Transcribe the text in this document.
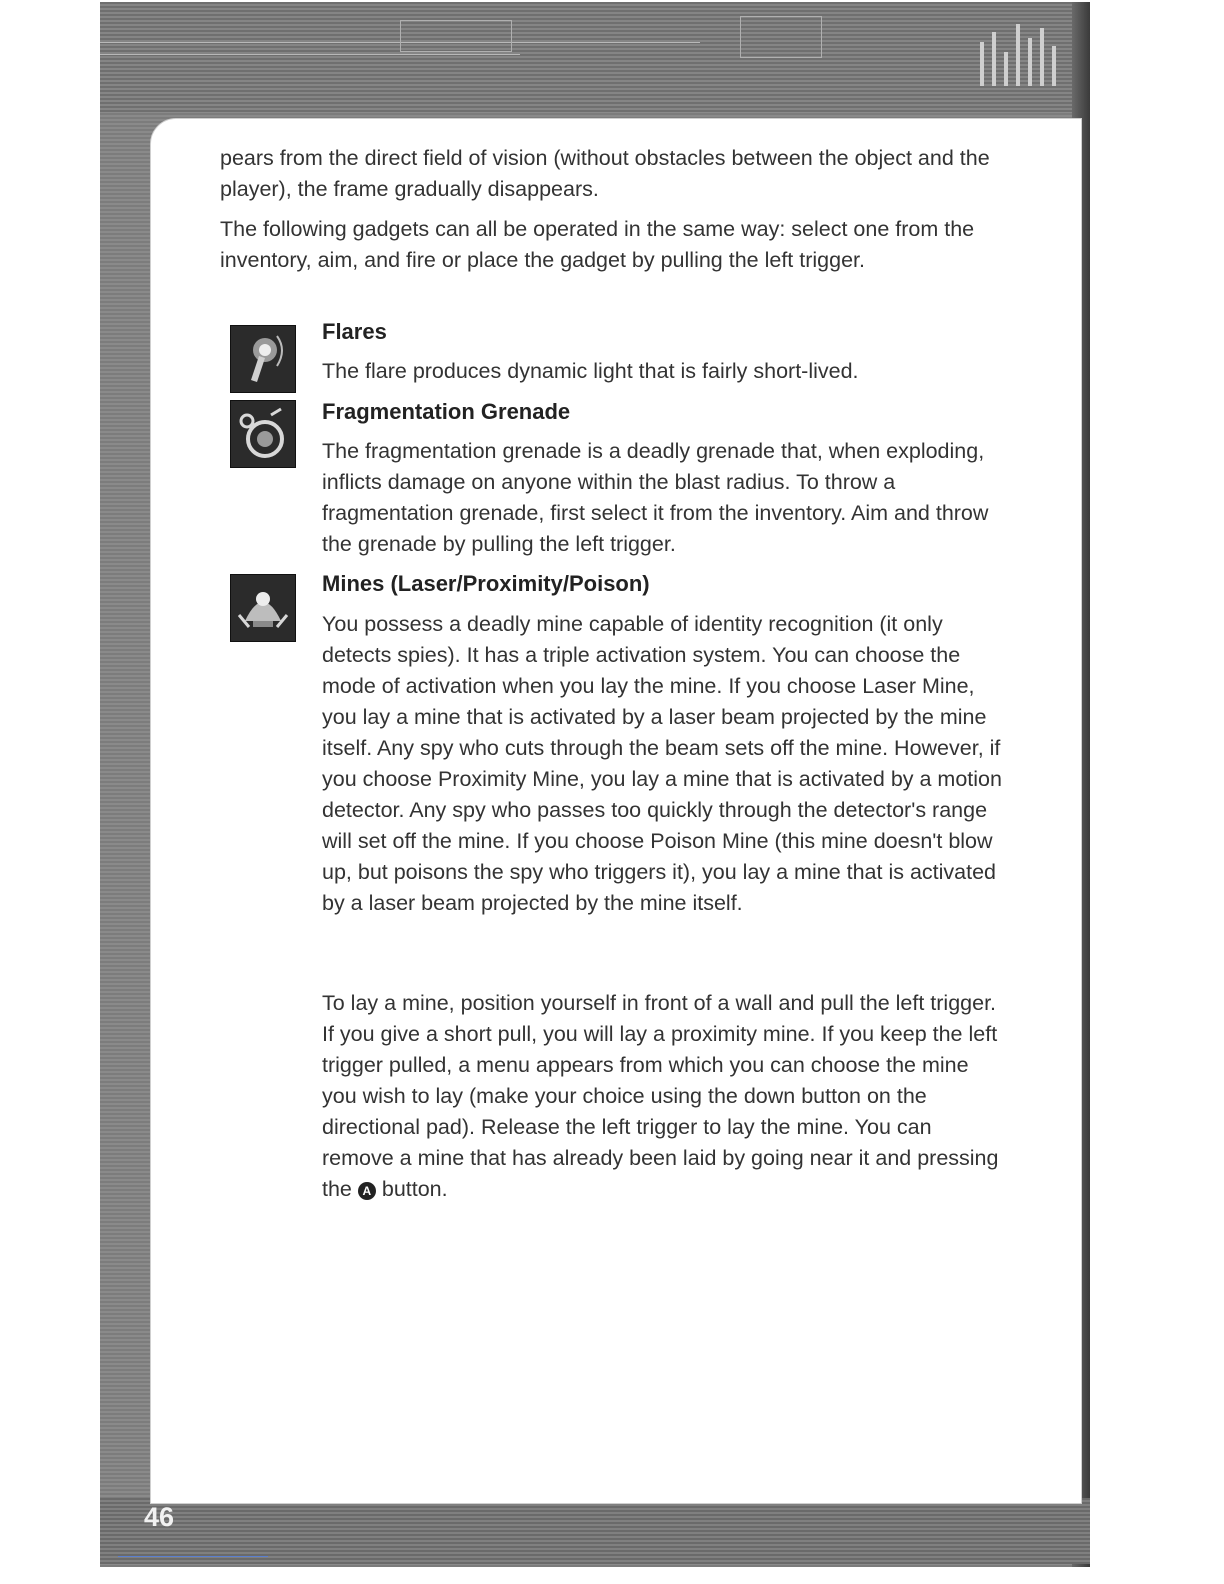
pears from the direct field of vision (without obstacles between the object and the player), the frame gradually disappears.

The following gadgets can all be operated in the same way: select one from the inventory, aim, and fire or place the gadget by pulling the left trigger.

Flares

The flare produces dynamic light that is fairly short-lived.

Fragmentation Grenade

The fragmentation grenade is a deadly grenade that, when exploding, inflicts damage on anyone within the blast radius. To throw a fragmentation grenade, first select it from the inventory. Aim and throw the grenade by pulling the left trigger.

Mines (Laser/Proximity/Poison)

You possess a deadly mine capable of identity recognition (it only detects spies). It has a triple activation system. You can choose the mode of activation when you lay the mine. If you choose Laser Mine, you lay a mine that is activated by a laser beam projected by the mine itself. Any spy who cuts through the beam sets off the mine. However, if you choose Proximity Mine, you lay a mine that is activated by a motion detector. Any spy who passes too quickly through the detector's range will set off the mine. If you choose Poison Mine (this mine doesn't blow up, but poisons the spy who triggers it), you lay a mine that is activated by a laser beam projected by the mine itself.

To lay a mine, position yourself in front of a wall and pull the left trigger. If you give a short pull, you will lay a proximity mine. If you keep the left trigger pulled, a menu appears from which you can choose the mine you wish to lay (make your choice using the down button on the directional pad). Release the left trigger to lay the mine. You can remove a mine that has already been laid by going near it and pressing the A button.

46
